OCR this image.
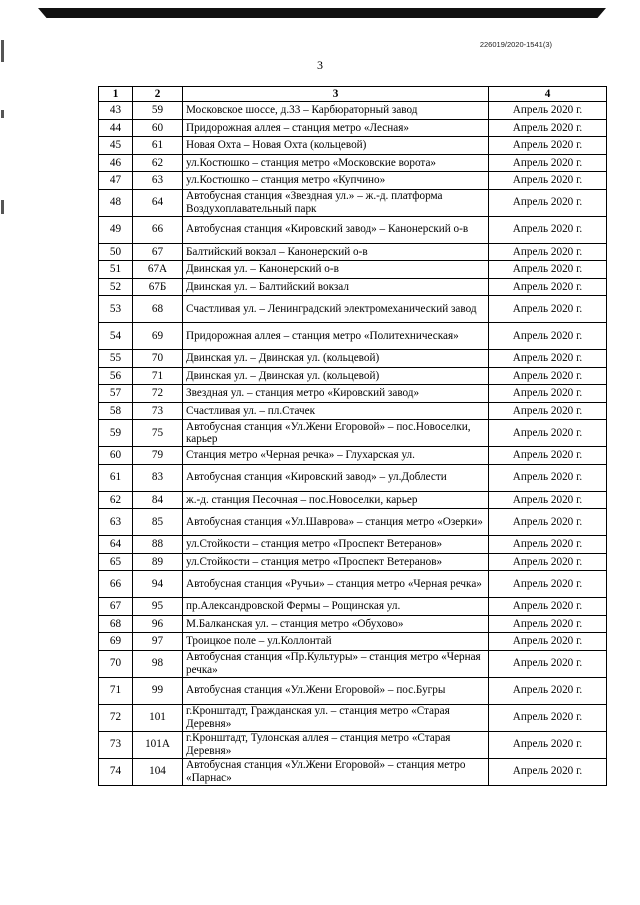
226019/2020-1541(3)
3
1	2	3	4
43	59	Московское шоссе, д.33 – Карбюраторный завод	Апрель 2020 г.
44	60	Придорожная аллея – станция метро «Лесная»	Апрель 2020 г.
45	61	Новая Охта – Новая Охта (кольцевой)	Апрель 2020 г.
46	62	ул.Костюшко – станция метро «Московские ворота»	Апрель 2020 г.
47	63	ул.Костюшко – станция метро «Купчино»	Апрель 2020 г.
48	64	Автобусная станция «Звездная ул.» – ж.-д. платформа Воздухоплавательный парк	Апрель 2020 г.
49	66	Автобусная станция «Кировский завод» – Канонерский о-в	Апрель 2020 г.
50	67	Балтийский вокзал – Канонерский о-в	Апрель 2020 г.
51	67А	Двинская ул. – Канонерский о-в	Апрель 2020 г.
52	67Б	Двинская ул. – Балтийский вокзал	Апрель 2020 г.
53	68	Счастливая ул. – Ленинградский электромеханический завод	Апрель 2020 г.
54	69	Придорожная аллея – станция метро «Политехническая»	Апрель 2020 г.
55	70	Двинская ул. – Двинская ул. (кольцевой)	Апрель 2020 г.
56	71	Двинская ул. – Двинская ул. (кольцевой)	Апрель 2020 г.
57	72	Звездная ул. – станция метро «Кировский завод»	Апрель 2020 г.
58	73	Счастливая ул. – пл.Стачек	Апрель 2020 г.
59	75	Автобусная станция «Ул.Жени Егоровой» – пос.Новоселки, карьер	Апрель 2020 г.
60	79	Станция метро «Черная речка» – Глухарская ул.	Апрель 2020 г.
61	83	Автобусная станция «Кировский завод» – ул.Доблести	Апрель 2020 г.
62	84	ж.-д. станция Песочная – пос.Новоселки, карьер	Апрель 2020 г.
63	85	Автобусная станция «Ул.Шаврова» – станция метро «Озерки»	Апрель 2020 г.
64	88	ул.Стойкости – станция метро «Проспект Ветеранов»	Апрель 2020 г.
65	89	ул.Стойкости – станция метро «Проспект Ветеранов»	Апрель 2020 г.
66	94	Автобусная станция «Ручьи» – станция метро «Черная речка»	Апрель 2020 г.
67	95	пр.Александровской Фермы – Рощинская ул.	Апрель 2020 г.
68	96	М.Балканская ул. – станция метро «Обухово»	Апрель 2020 г.
69	97	Троицкое поле – ул.Коллонтай	Апрель 2020 г.
70	98	Автобусная станция «Пр.Культуры» – станция метро «Черная речка»	Апрель 2020 г.
71	99	Автобусная станция «Ул.Жени Егоровой» – пос.Бугры	Апрель 2020 г.
72	101	г.Кронштадт, Гражданская ул. – станция метро «Старая Деревня»	Апрель 2020 г.
73	101А	г.Кронштадт, Тулонская аллея – станция метро «Старая Деревня»	Апрель 2020 г.
74	104	Автобусная станция «Ул.Жени Егоровой» – станция метро «Парнас»	Апрель 2020 г.
